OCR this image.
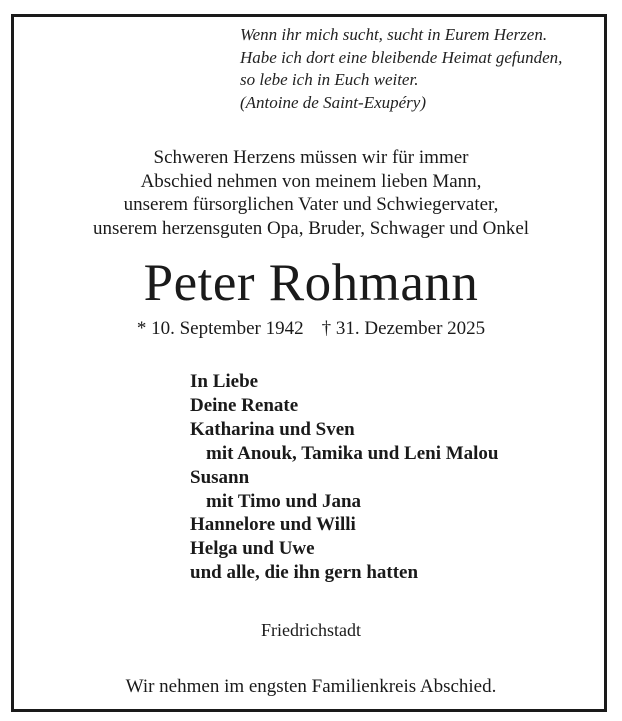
Wenn ihr mich sucht, sucht in Eurem Herzen.
Habe ich dort eine bleibende Heimat gefunden,
so lebe ich in Euch weiter.
(Antoine de Saint-Exupéry)
Schweren Herzens müssen wir für immer
Abschied nehmen von meinem lieben Mann,
unserem fürsorglichen Vater und Schwiegervater,
unserem herzensguten Opa, Bruder, Schwager und Onkel
Peter Rohmann
* 10. September 1942 † 31. Dezember 2025
In Liebe
Deine Renate
Katharina und Sven
mit Anouk, Tamika und Leni Malou
Susann
mit Timo und Jana
Hannelore und Willi
Helga und Uwe
und alle, die ihn gern hatten
Friedrichstadt
Wir nehmen im engsten Familienkreis Abschied.
